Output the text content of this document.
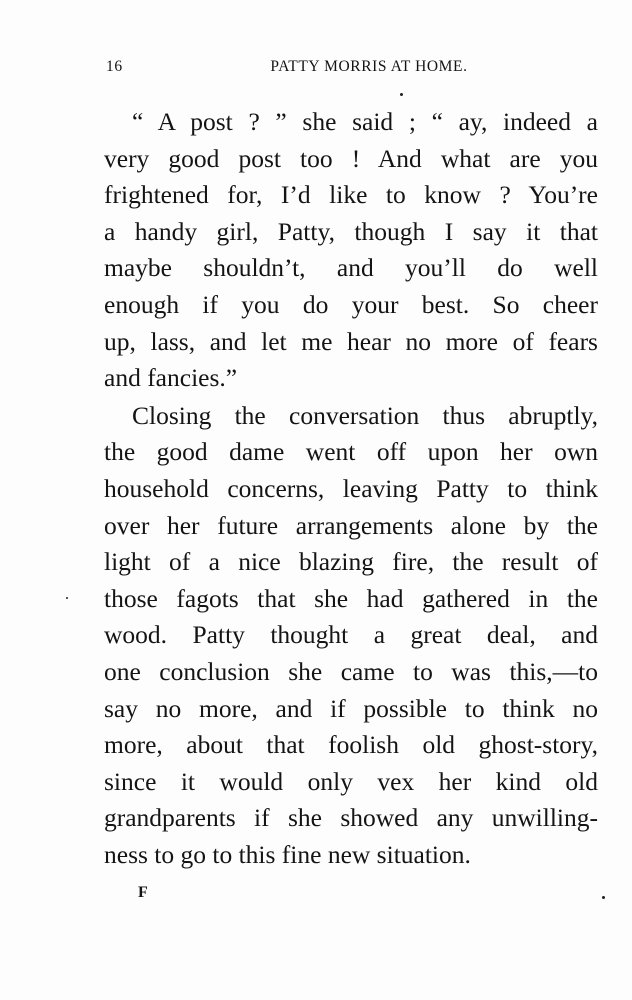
16	PATTY MORRIS AT HOME.
“ A post ? ” she said ; “ ay, indeed a
very good post too ! And what are you
frightened for, I’d like to know ? You’re
a handy girl, Patty, though I say it that
maybe shouldn’t, and you’ll do well
enough if you do your best. So cheer
up, lass, and let me hear no more of fears
and fancies.”
Closing the conversation thus abruptly,
the good dame went off upon her own
household concerns, leaving Patty to think
over her future arrangements alone by the
light of a nice blazing fire, the result of
those fagots that she had gathered in the
wood. Patty thought a great deal, and
one conclusion she came to was this,—to
say no more, and if possible to think no
more, about that foolish old ghost-story,
since it would only vex her kind old
grandparents if she showed any unwilling-
ness to go to this fine new situation.
F
